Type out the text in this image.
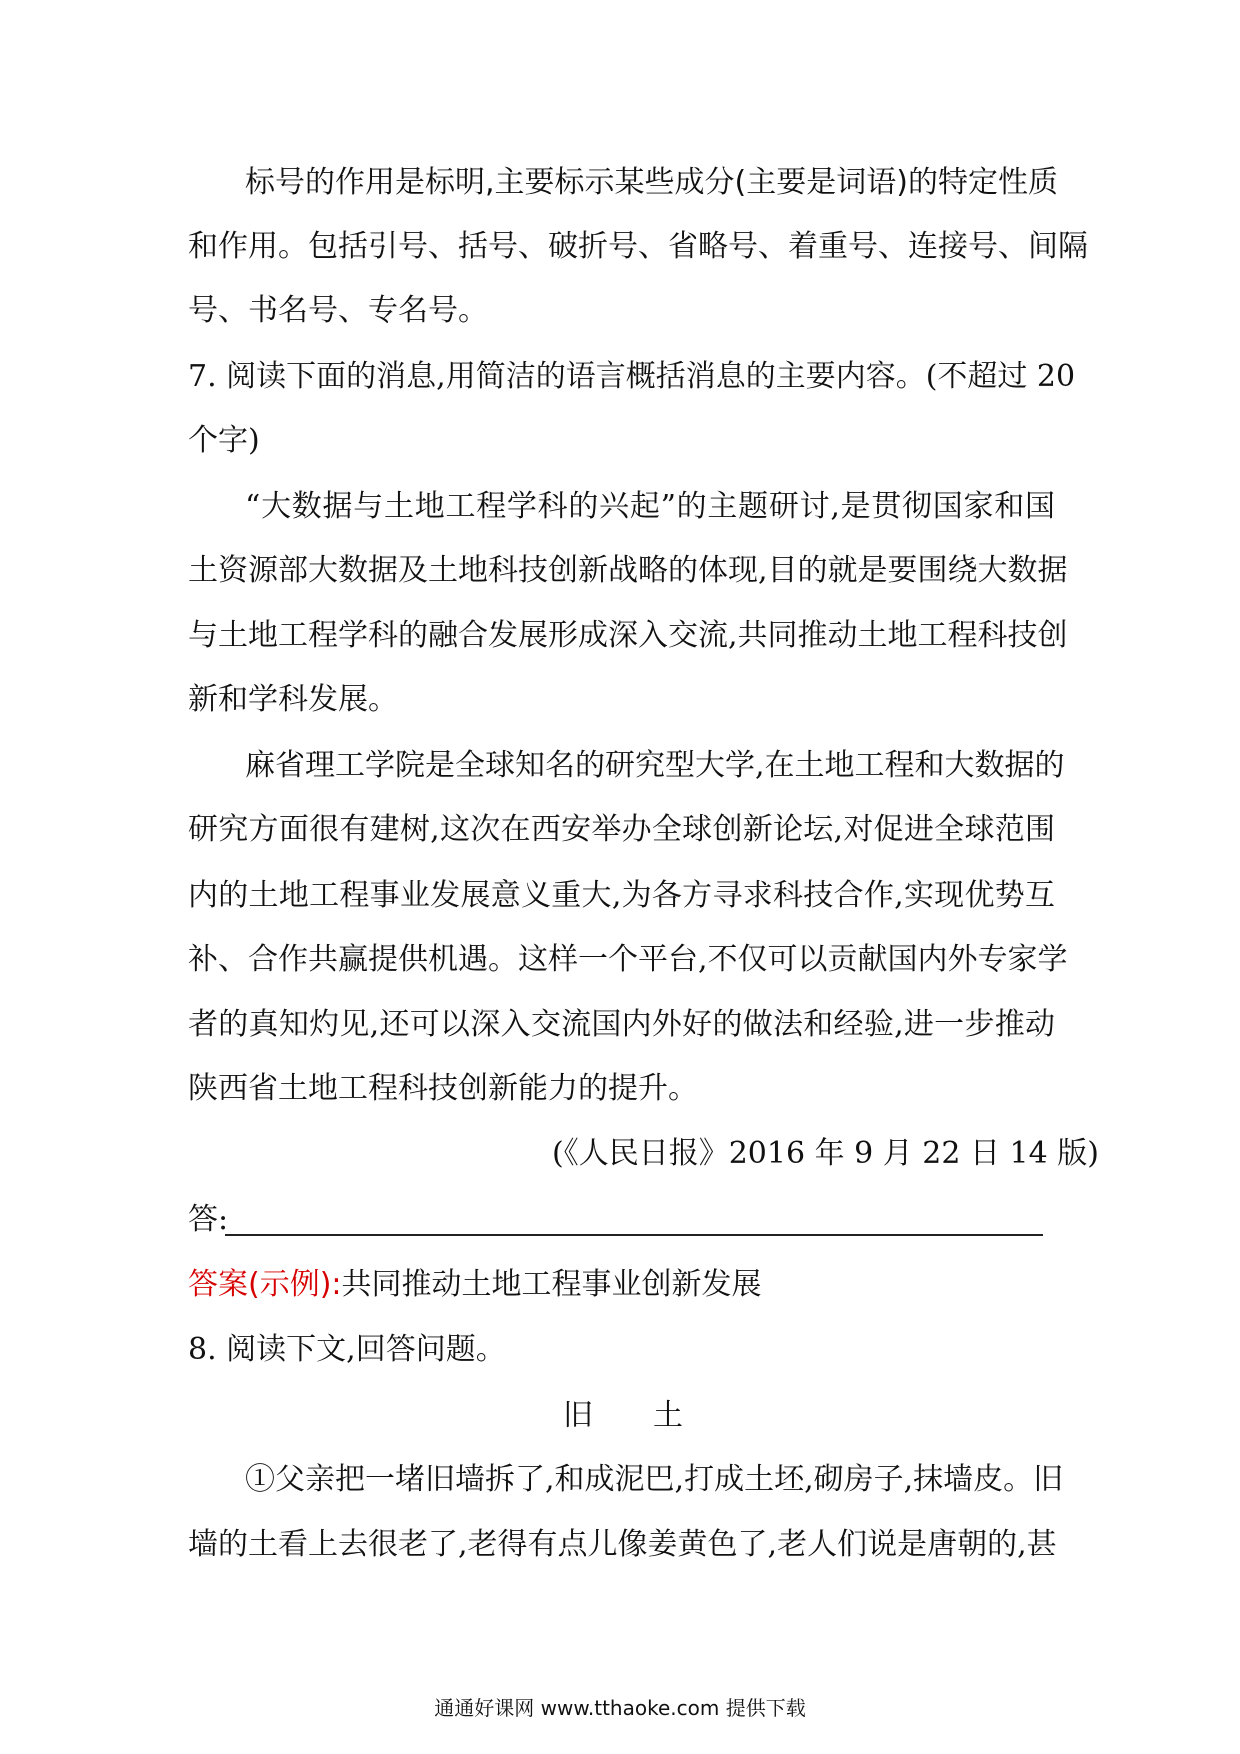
标号的作用是标明,主要标示某些成分(主要是词语)的特定性质
和作用。包括引号、括号、破折号、省略号、着重号、连接号、间隔
号、书名号、专名号。
7. 阅读下面的消息,用简洁的语言概括消息的主要内容。(不超过 20
个字)
“大数据与土地工程学科的兴起”的主题研讨,是贯彻国家和国
土资源部大数据及土地科技创新战略的体现,目的就是要围绕大数据
与土地工程学科的融合发展形成深入交流,共同推动土地工程科技创
新和学科发展。
麻省理工学院是全球知名的研究型大学,在土地工程和大数据的
研究方面很有建树,这次在西安举办全球创新论坛,对促进全球范围
内的土地工程事业发展意义重大,为各方寻求科技合作,实现优势互
补、合作共赢提供机遇。这样一个平台,不仅可以贡献国内外专家学
者的真知灼见,还可以深入交流国内外好的做法和经验,进一步推动
陕西省土地工程科技创新能力的提升。
(《人民日报》2016 年 9 月 22 日 14 版)
答:
答案(示例):共同推动土地工程事业创新发展
8. 阅读下文,回答问题。
旧　　土
①父亲把一堵旧墙拆了,和成泥巴,打成土坯,砌房子,抹墙皮。旧
墙的土看上去很老了,老得有点儿像姜黄色了,老人们说是唐朝的,甚
通通好课网 www.tthaoke.com 提供下载
